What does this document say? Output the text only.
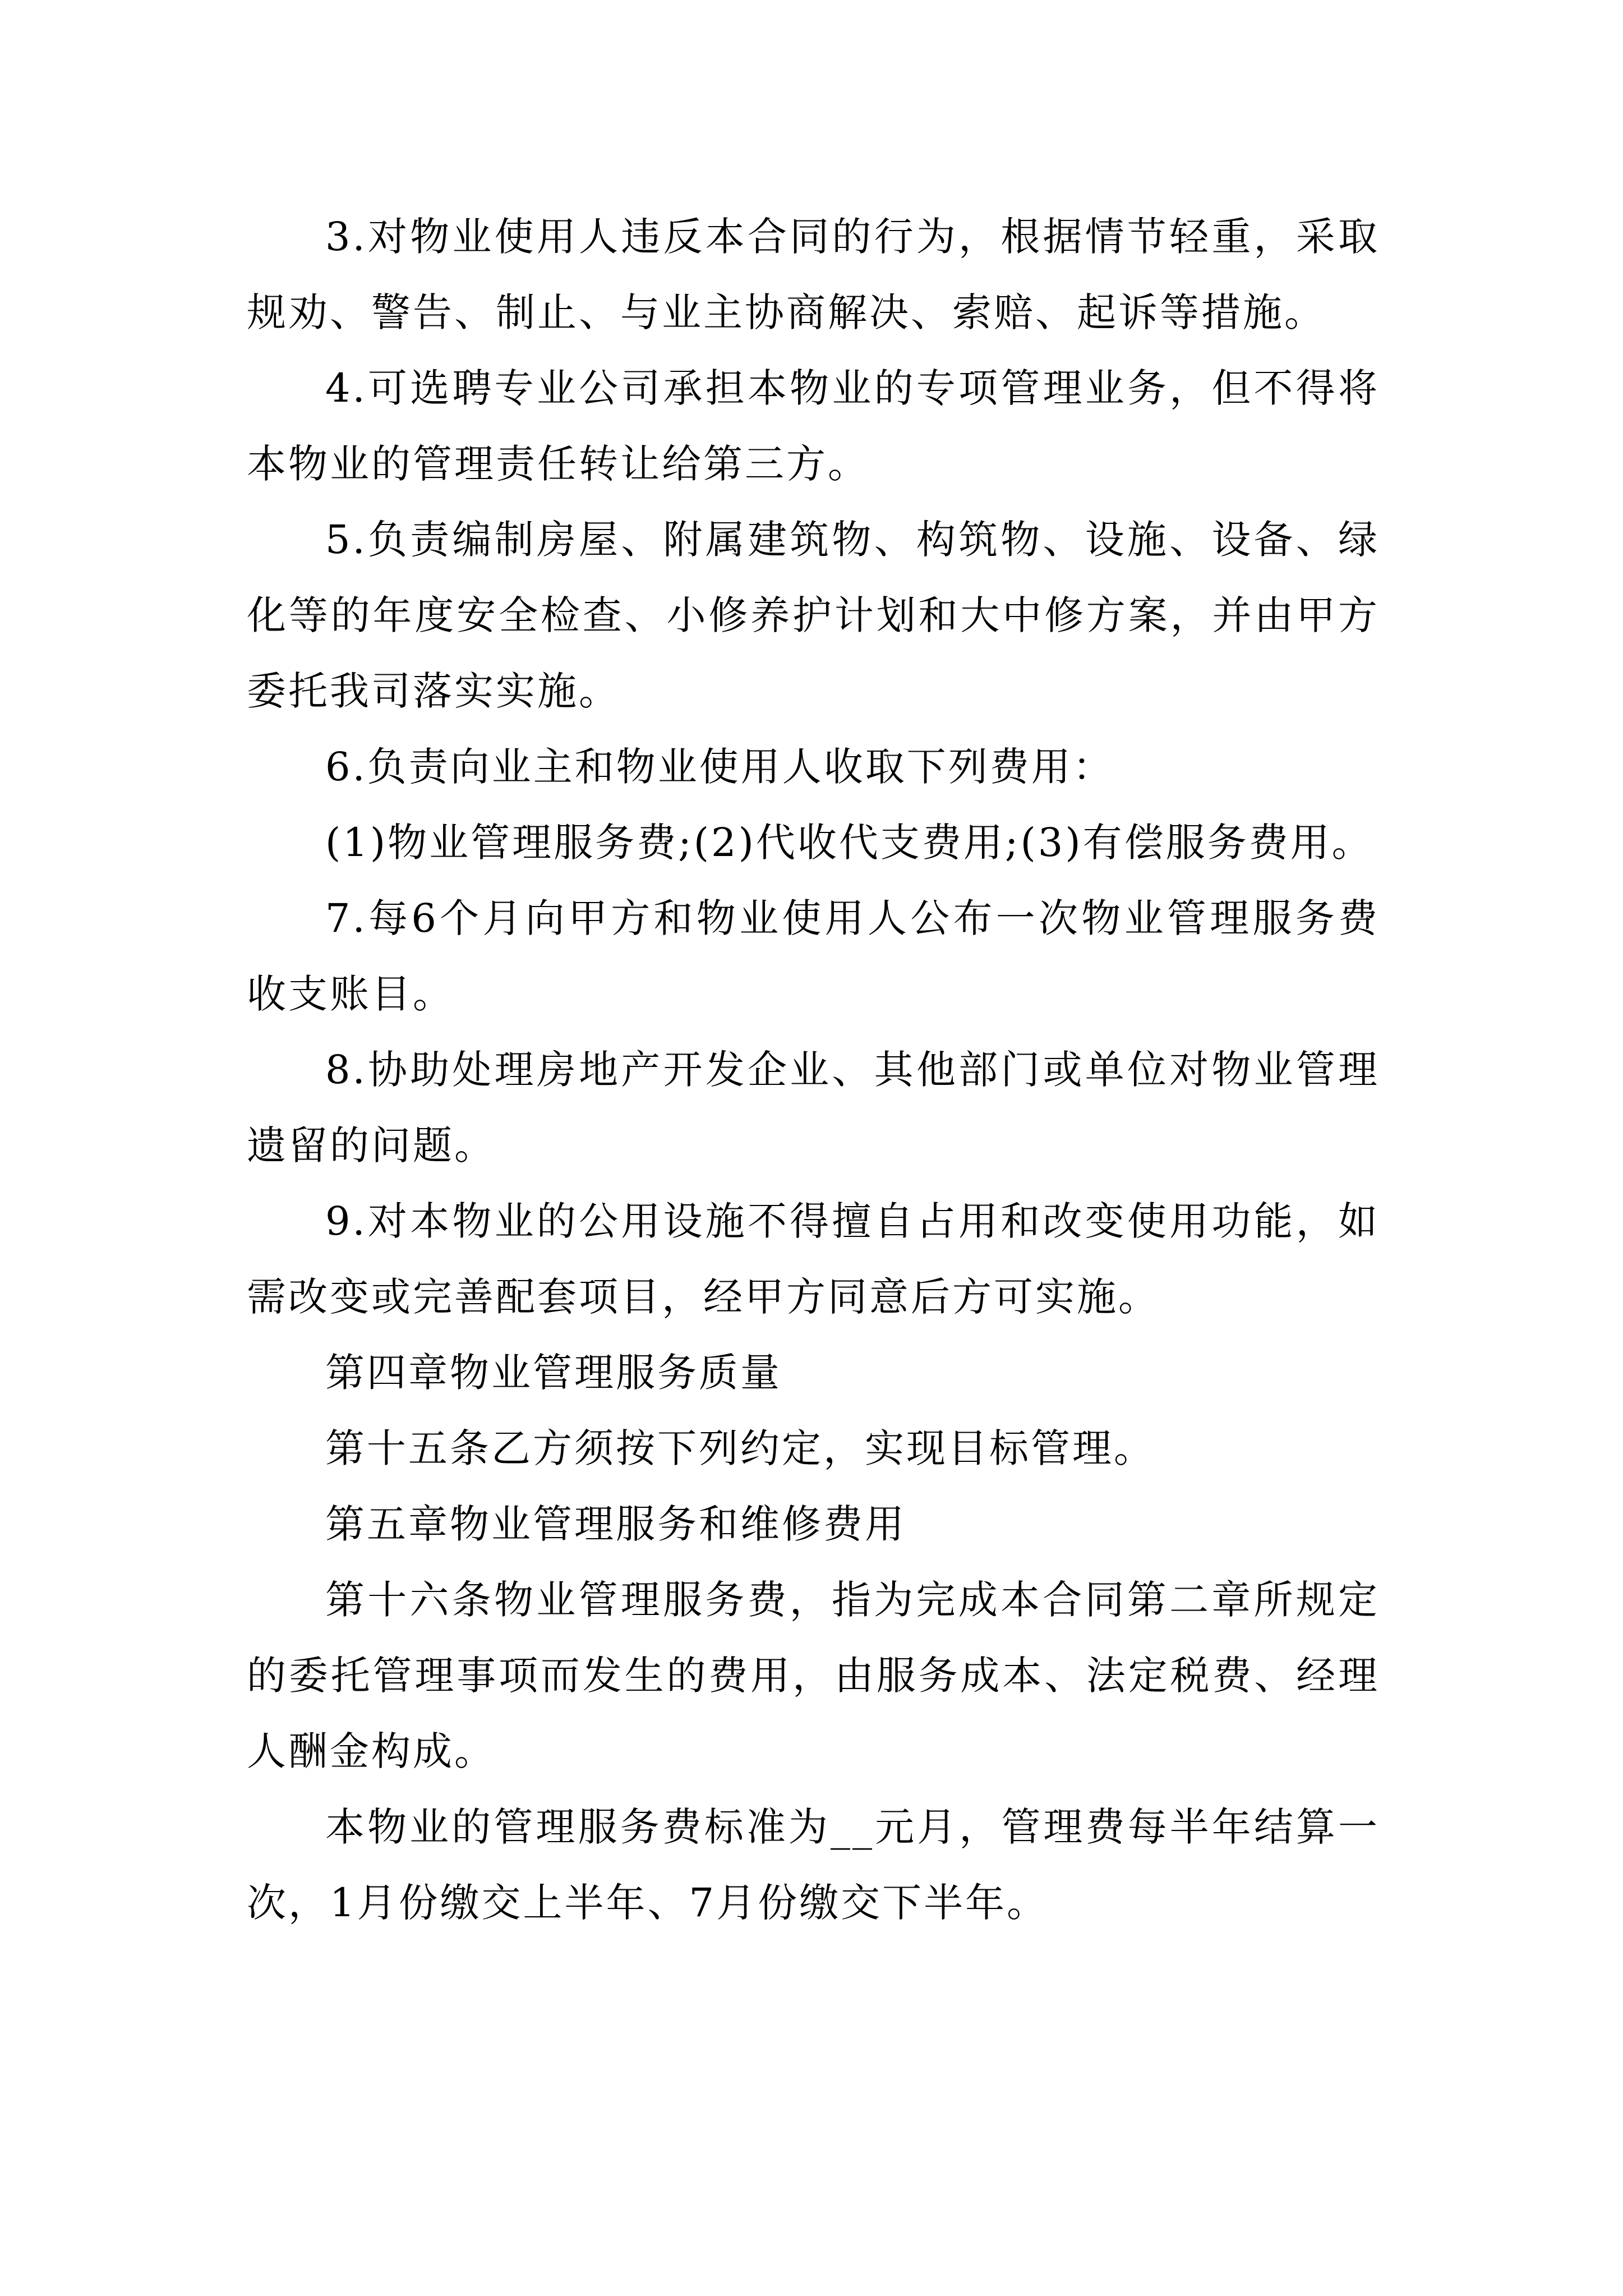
3.对物业使用人违反本合同的行为，根据情节轻重，采取规劝、警告、制止、与业主协商解决、索赔、起诉等措施。

4.可选聘专业公司承担本物业的专项管理业务，但不得将本物业的管理责任转让给第三方。

5.负责编制房屋、附属建筑物、构筑物、设施、设备、绿化等的年度安全检查、小修养护计划和大中修方案，并由甲方委托我司落实实施。

6.负责向业主和物业使用人收取下列费用：

(1)物业管理服务费;(2)代收代支费用;(3)有偿服务费用。

7.每6个月向甲方和物业使用人公布一次物业管理服务费收支账目。

8.协助处理房地产开发企业、其他部门或单位对物业管理遗留的问题。

9.对本物业的公用设施不得擅自占用和改变使用功能，如需改变或完善配套项目，经甲方同意后方可实施。

第四章物业管理服务质量

第十五条乙方须按下列约定，实现目标管理。

第五章物业管理服务和维修费用

第十六条物业管理服务费，指为完成本合同第二章所规定的委托管理事项而发生的费用，由服务成本、法定税费、经理人酬金构成。

本物业的管理服务费标准为__元月，管理费每半年结算一次，1月份缴交上半年、7月份缴交下半年。
